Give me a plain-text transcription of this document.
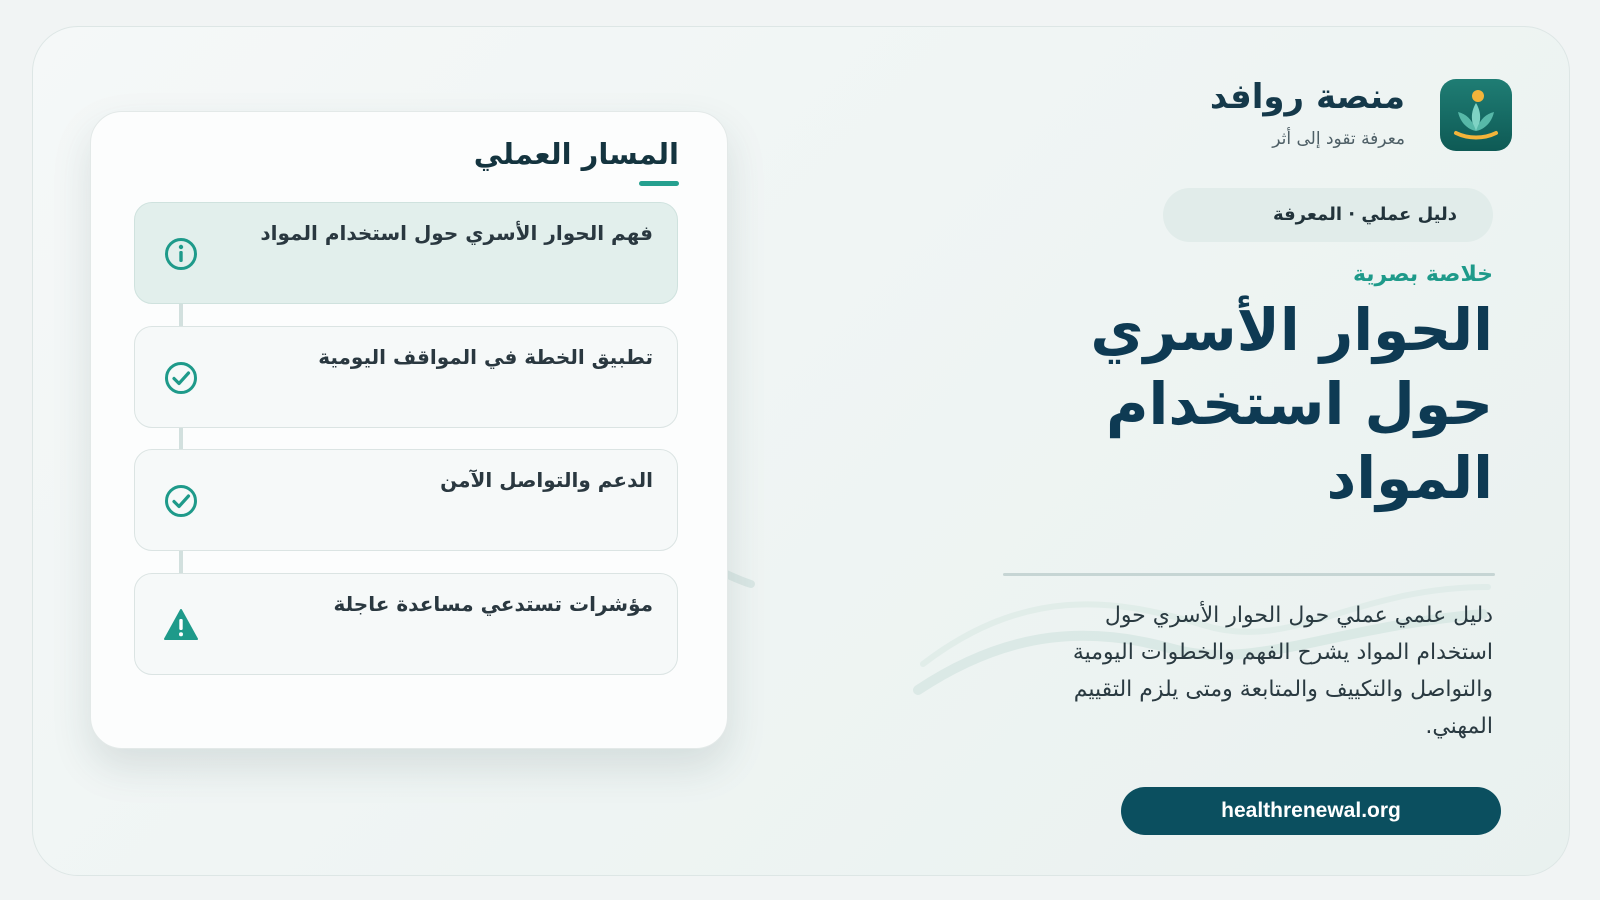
منصة روافد
معرفة تقود إلى أثر
دليل عملي · المعرفة
خلاصة بصرية
الحوار الأسري حول استخدام المواد
دليل علمي عملي حول الحوار الأسري حول استخدام المواد يشرح الفهم والخطوات اليومية والتواصل والتكييف والمتابعة ومتى يلزم التقييم المهني.
healthrenewal.org
المسار العملي
فهم الحوار الأسري حول استخدام المواد
تطبيق الخطة في المواقف اليومية
الدعم والتواصل الآمن
مؤشرات تستدعي مساعدة عاجلة
